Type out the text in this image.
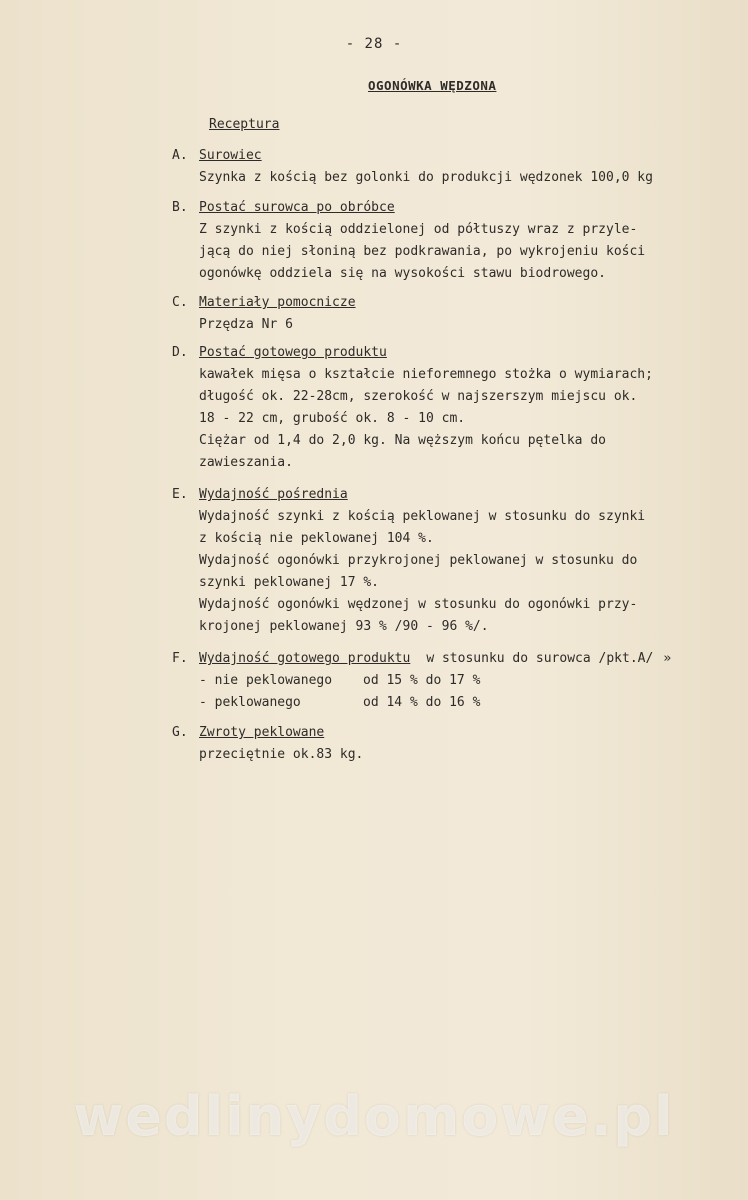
- 28 -
OGONÓWKA WĘDZONA
Receptura
A. Surowiec
Szynka z kością bez golonki do produkcji wędzonek 100,0 kg
B. Postać surowca po obróbce
Z szynki z kością oddzielonej od półtuszy wraz z przyle-
jącą do niej słoniną bez podkrawania, po wykrojeniu kości
ogonówkę oddziela się na wysokości stawu biodrowego.
C. Materiały pomocnicze
Przędza Nr 6
D. Postać gotowego produktu
kawałek mięsa o kształcie nieforemnego stożka o wymiarach;
długość ok. 22-28cm, szerokość w najszerszym miejscu ok.
18 - 22 cm, grubość ok. 8 - 10 cm.
Ciężar od 1,4 do 2,0 kg. Na węższym końcu pętelka do
zawieszania.
E. Wydajność pośrednia
Wydajność szynki z kością peklowanej w stosunku do szynki
z kością nie peklowanej 104 %.
Wydajność ogonówki przykrojonej peklowanej w stosunku do
szynki peklowanej 17 %.
Wydajność ogonówki wędzonej w stosunku do ogonówki przy-
krojonej peklowanej 93 % /90 - 96 %/.
F. Wydajność gotowego produktu w stosunku do surowca /pkt.A/ »
- nie peklowanego od 15 % do 17 %
- peklowanego	od 14 % do 16 %
G. Zwroty peklowane
przeciętnie ok.83 kg.
wedlinydomowe.pl
